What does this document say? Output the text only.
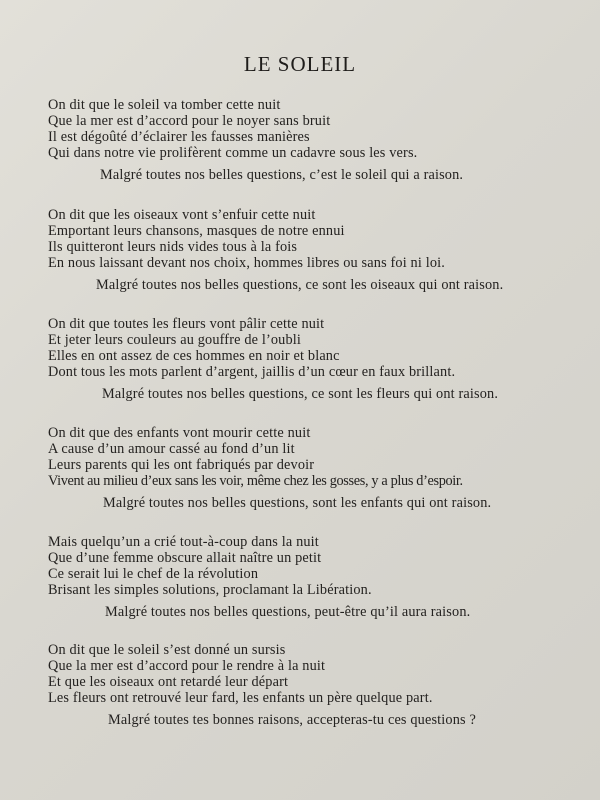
LE SOLEIL
On dit que le soleil va tomber cette nuit
Que la mer est d’accord pour le noyer sans bruit
Il est dégoûté d’éclairer les fausses manières
Qui dans notre vie prolifèrent comme un cadavre sous les vers.
Malgré toutes nos belles questions, c’est le soleil qui a raison.
On dit que les oiseaux vont s’enfuir cette nuit
Emportant leurs chansons, masques de notre ennui
Ils quitteront leurs nids vides tous à la fois
En nous laissant devant nos choix, hommes libres ou sans foi ni loi.
Malgré toutes nos belles questions, ce sont les oiseaux qui ont raison.
On dit que toutes les fleurs vont pâlir cette nuit
Et jeter leurs couleurs au gouffre de l’oubli
Elles en ont assez de ces hommes en noir et blanc
Dont tous les mots parlent d’argent, jaillis d’un cœur en faux brillant.
Malgré toutes nos belles questions, ce sont les fleurs qui ont raison.
On dit que des enfants vont mourir cette nuit
A cause d’un amour cassé au fond d’un lit
Leurs parents qui les ont fabriqués par devoir
Vivent au milieu d’eux sans les voir, même chez les gosses, y a plus d’espoir.
Malgré toutes nos belles questions, sont les enfants qui ont raison.
Mais quelqu’un a crié tout-à-coup dans la nuit
Que d’une femme obscure allait naître un petit
Ce serait lui le chef de la révolution
Brisant les simples solutions, proclamant la Libération.
Malgré toutes nos belles questions, peut-être qu’il aura raison.
On dit que le soleil s’est donné un sursis
Que la mer est d’accord pour le rendre à la nuit
Et que les oiseaux ont retardé leur départ
Les fleurs ont retrouvé leur fard, les enfants un père quelque part.
Malgré toutes tes bonnes raisons, accepteras-tu ces questions ?
